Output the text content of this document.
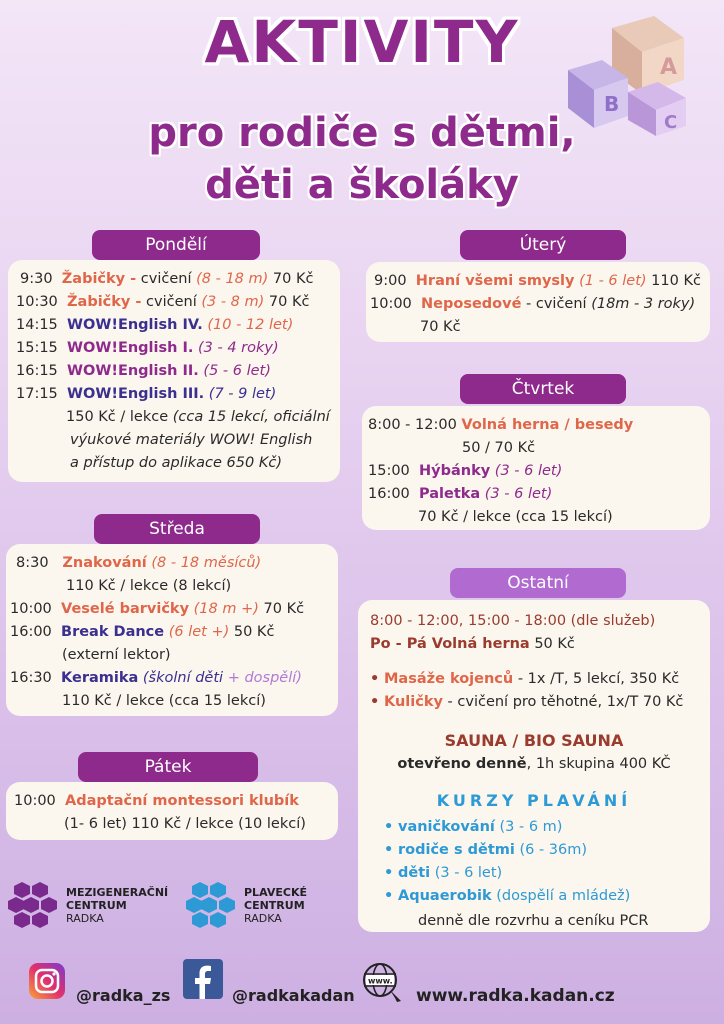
AKTIVITY
pro rodiče s dětmi,
děti a školáky
A
B
C
Pondělí
9:30 Žabičky - cvičení (8 - 18 m) 70 Kč
10:30 Žabičky - cvičení (3 - 8 m) 70 Kč
14:15 WOW!English IV. (10 - 12 let)
15:15 WOW!English I. (3 - 4 roky)
16:15 WOW!English II. (5 - 6 let)
17:15 WOW!English III. (7 - 9 let)
150 Kč / lekce (cca 15 lekcí, oficiální
výukové materiály WOW! English
a přístup do aplikace 650 Kč)
Úterý
9:00 Hraní všemi smysly (1 - 6 let) 110 Kč
10:00 Neposedové - cvičení (18m - 3 roky)
70 Kč
Čtvrtek
8:00 - 12:00 Volná herna / besedy
50 / 70 Kč
15:00 Hýbánky (3 - 6 let)
16:00 Paletka (3 - 6 let)
70 Kč / lekce (cca 15 lekcí)
Středa
8:30 Znakování (8 - 18 měsíců)
110 Kč / lekce (8 lekcí)
10:00 Veselé barvičky (18 m +) 70 Kč
16:00 Break Dance (6 let +) 50 Kč
(externí lektor)
16:30 Keramika (školní děti + dospělí)
110 Kč / lekce (cca 15 lekcí)
Ostatní
8:00 - 12:00, 15:00 - 18:00 (dle služeb)
Po - Pá Volná herna 50 Kč
• Masáže kojenců - 1x /T, 5 lekcí, 350 Kč
• Kuličky - cvičení pro těhotné, 1x/T 70 Kč
SAUNA / BIO SAUNA
otevřeno denně, 1h skupina 400 KČ
KURZY PLAVÁNÍ
• vaničkování (3 - 6 m)
• rodiče s dětmi (6 - 36m)
• děti (3 - 6 let)
• Aquaerobik (dospělí a mládež)
denně dle rozvrhu a ceníku PCR
Pátek
10:00 Adaptační montessori klubík
(1- 6 let) 110 Kč / lekce (10 lekcí)
MEZIGENERAČNÍ
CENTRUM
RADKA
PLAVECKÉ
CENTRUM
RADKA
@radka_zs	@radkakadan
www.
www.radka.kadan.cz
